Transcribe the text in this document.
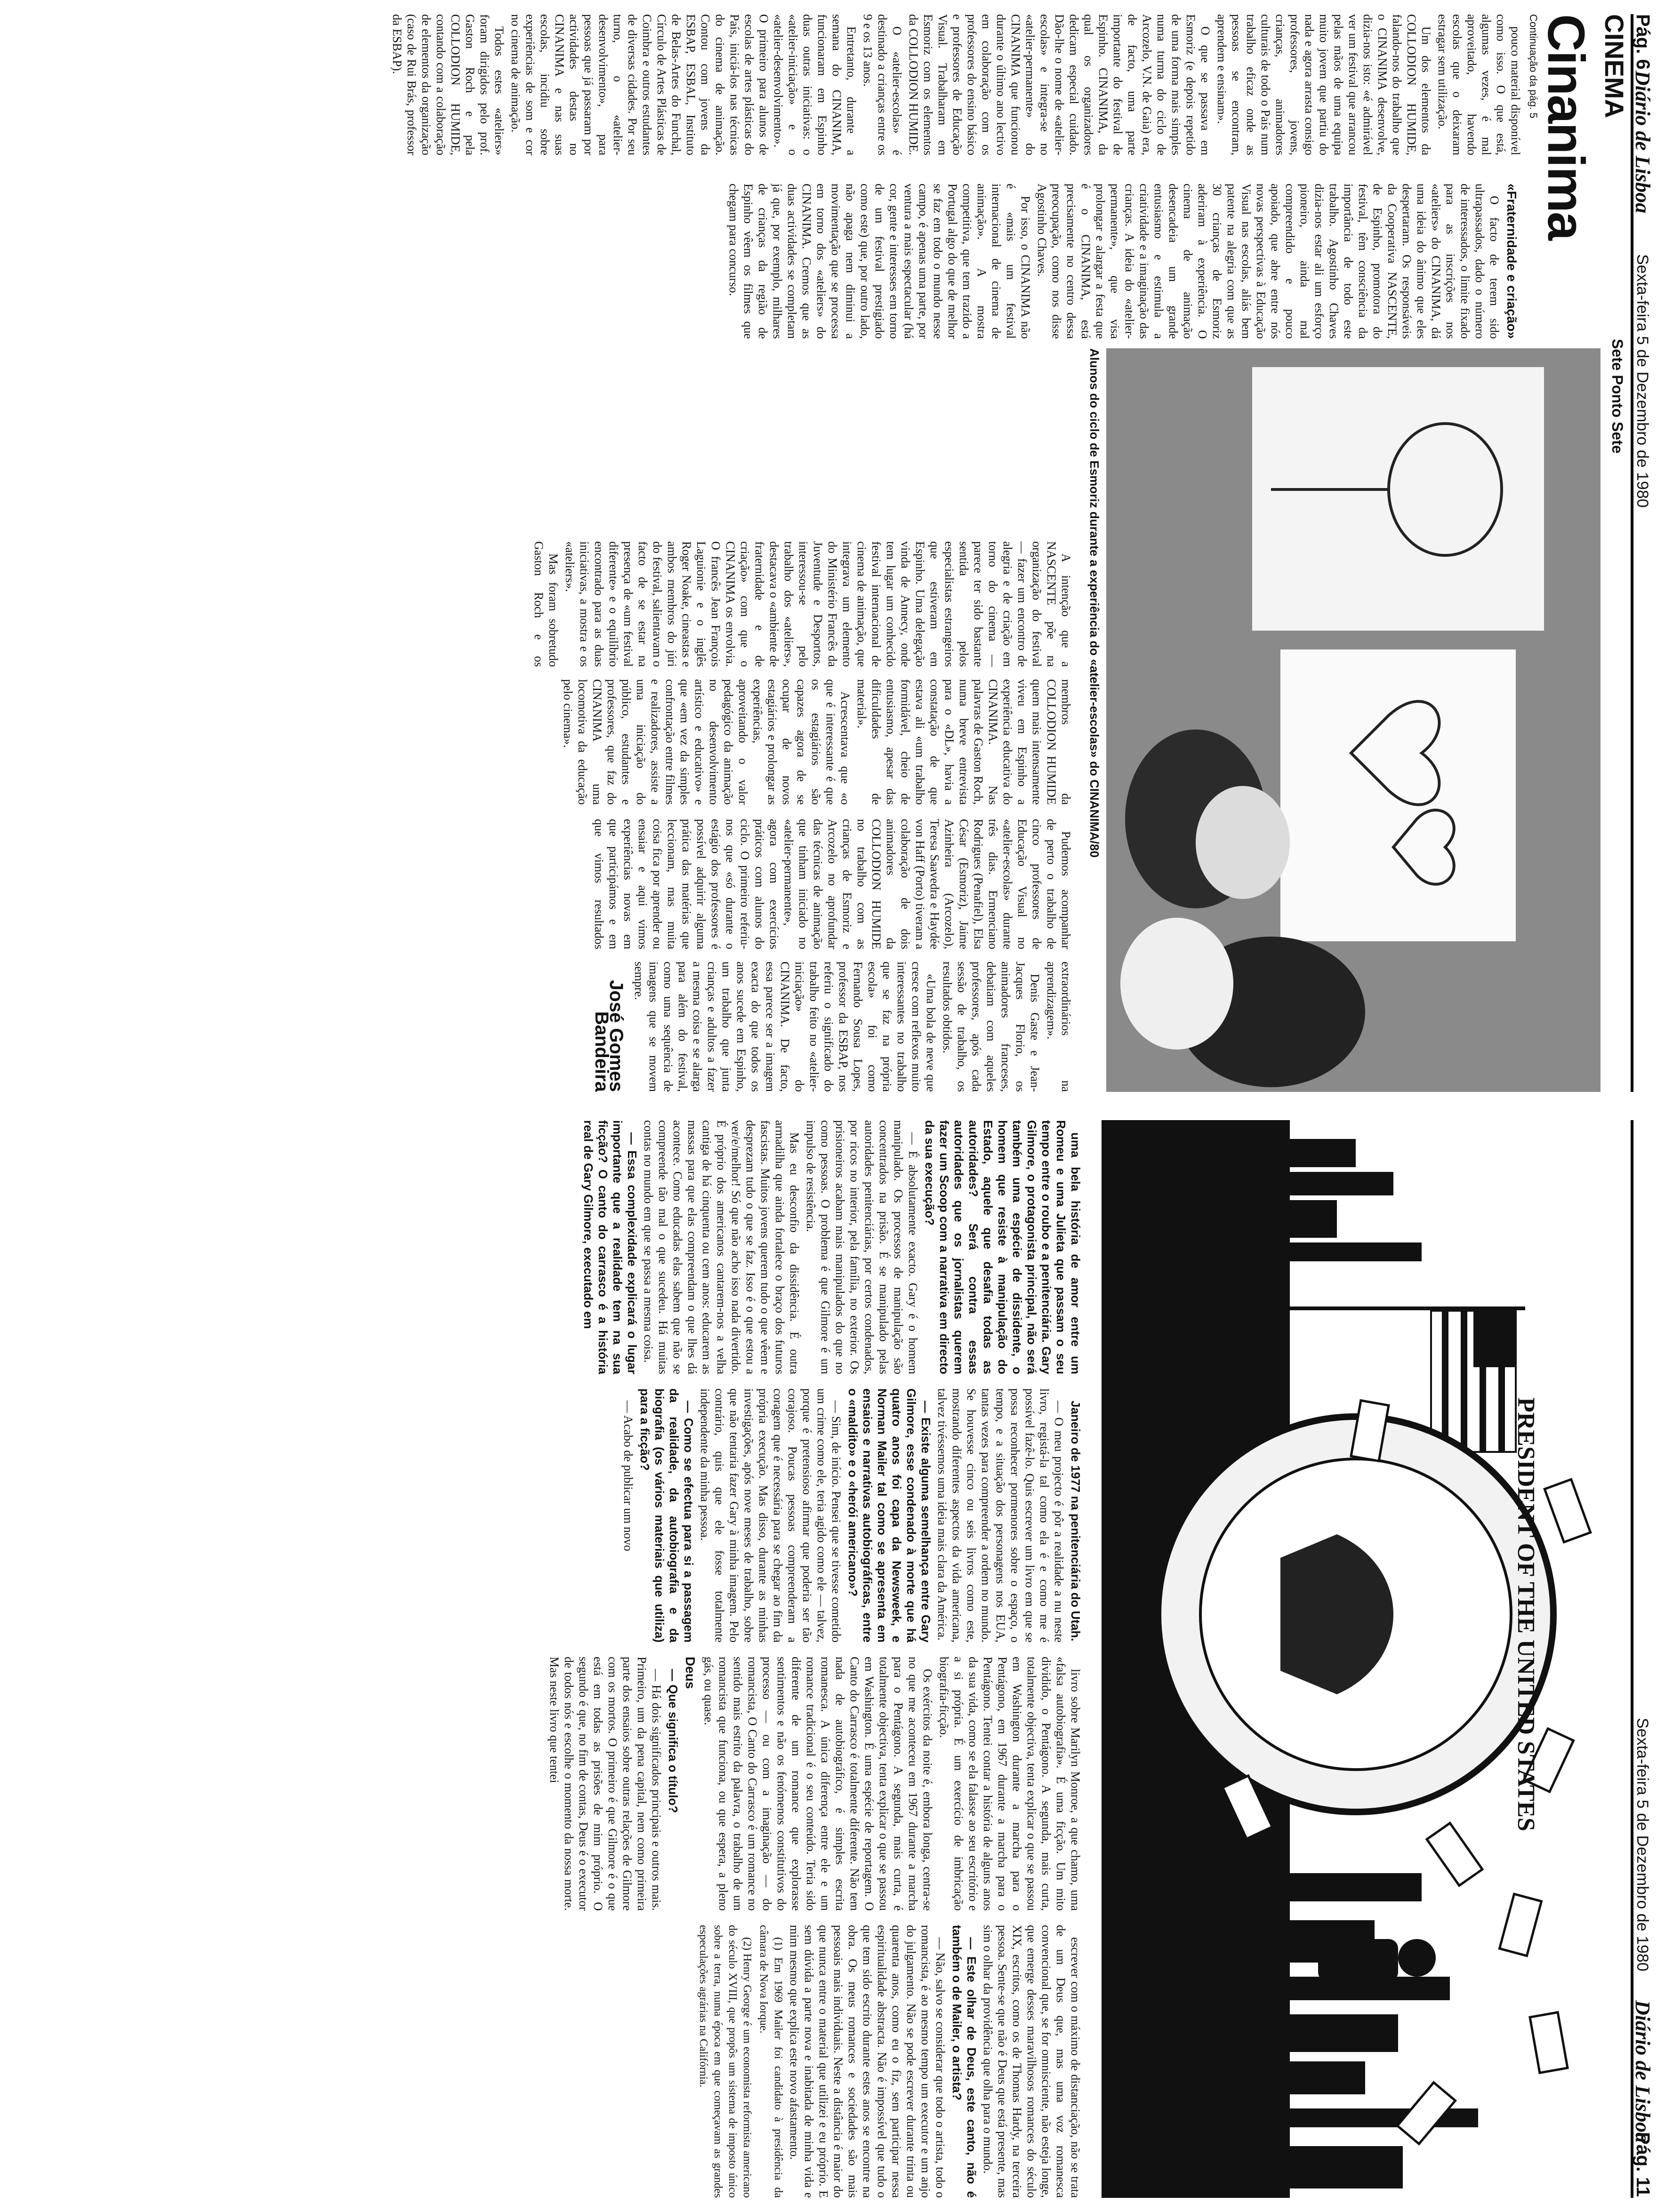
Pág. 6
Diário de Lisboa
Sexta-feira 5 de Dezembro de 1980
CINEMA
Sete Ponto Sete
Cinanima
Continuação da pág. 5

pouco material disponível como isso. O que está, algumas vezes, é mal aproveitado, havendo escolas que o deixaram estragar sem utilização.

Um dos elementos da COLLODION HUMIDE, falando-nos do trabalho que o CINANIMA desenvolve, dizia-nos isto: «é admirável ver um festival que arrancou pelas mãos de uma equipa muito jovem que partiu do nada e agora arrasta consigo professores, jovens, crianças, animadores culturais de todo o País num trabalho eficaz onde as pessoas se encontram, aprendem e ensinam».

O que se passava em Esmoriz (e depois repetido de uma forma mais simples numa turma do ciclo de Arcozelo, V.N. de Gaia) era, de facto, uma parte importante do festival de Espinho. CINANIMA, da qual os organizadores dedicam especial cuidado. Dão-lhe o nome de «atelier-escolas» e integra-se no «atelier-permanente» do CINANIMA que funcionou durante o último ano lectivo em colaboração com os professores do ensino básico e professores de Educação Visual. Trabalharam em Esmoriz com os elementos da COLLODION HUMIDE.

O «atelier-escolas» é destinado a crianças entre os 9 e os 13 anos.

Entretanto, durante a semana do CINANIMA, funcionaram em Espinho duas outras iniciativas: o «atelier-iniciação» e o «atelier-desenvolvimento». O primeiro para alunos de escolas de artes plásticas do País, iniciá-los nas técnicas do cinema de animação. Contou com jovens da ESBAP, ESBAL, Instituto de Belas-Artes do Funchal, Círculo de Artes Plásticas de Coimbra e outros estudantes de diversas cidades. Por seu turno, o «atelier-desenvolvimento», para pessoas que já passaram por actividades destas no CINANIMA e nas suas escolas, incidiu sobre experiências de som e cor no cinema de animação.

Todos estes «ateliers» foram dirigidos pelo prof. Gaston Roch e pela COLLODION HUMIDE, contando com a colaboração de elementos da organização (caso de Rui Brás, professor da ESBAP).

Alunos do ciclo de Esmoriz durante a experiência do «atelier-escolas» do CINANIMA/80
«Fraternidade e criação»

O facto de terem sido ultrapassados, dado o número de interessados, o limite fixado para as inscrições nos «ateliers» do CINANIMA, dá uma ideia do ânimo que eles despertaram. Os responsáveis da Cooperativa NASCENTE, de Espinho, promotora do festival, têm consciência da importância de todo este trabalho. Agostinho Chaves dizia-nos estar ali um esforço pioneiro, ainda mal compreendido e pouco apoiado, que abre entre nós novas perspectivas à Educação Visual nas escolas, aliás bem patente na alegria com que as 30 crianças de Esmoriz aderiram à experiência. O cinema de animação desencadeia um grande entusiasmo e estimula a criatividade e a imaginação das crianças. A ideia do «atelier-permanente», que visa prolongar e alargar a festa que é o CINANIMA, está precisamente no centro dessa preocupação, como nos disse Agostinho Chaves.

Por isso, o CINANIMA não é «mais um festival internacional de cinema de animação». A mostra competitiva, que tem trazido a Portugal algo do que de melhor se faz em todo o mundo nesse campo, é apenas uma parte, por ventura a mais espectacular (há cor, gente e interesses em torno de um festival prestigiado como este) que, por outro lado, não apaga nem diminui a movimentação que se processa em torno dos «ateliers» do CINANIMA. Cremos que as duas actividades se completam já que, por exemplo, milhares de crianças da região de Espinho vêem os filmes que chegam para concurso.

A intenção que a NASCENTE põe na organização do festival — fazer um encontro de alegria e de criação em torno do cinema — parece ter sido bastante sentida pelos especialistas estrangeiros que estiveram em Espinho. Uma delegação vinda de Annecy, onde tem lugar um conhecido festival internacional de cinema de animação, que integrava um elemento do Ministério Francês da Juventude e Desportos, interessou-se pelo trabalho dos «ateliers», destacava o «ambiente de fraternidade e de criação» com que o CINANIMA os envolvia. O francês Jean François Laguionie e o inglês Roger Noake, cineastas e ambos membros do júri do festival, salientavam o facto de se estar na presença de «um festival diferente» e o equilíbrio encontrado para as duas iniciativas, a mostra e os «ateliers».

Mas foram sobretudo Gaston Roch e os membros da COLLODION HUMIDE quem mais intensamente viveu em Espinho a experiência educativa do CINANIMA. Nas palavras de Gaston Roch, numa breve entrevista para o «DL», havia a constatação de que estava ali «um trabalho formidável, cheio de entusiasmo, apesar das dificuldades de material».

Acrescentava que «o que é interessante é que os estagiários são capazes agora de se ocupar de novos estagiários e prolongar as experiências, aproveitando o valor pedagógico da animação no desenvolvimento artístico e educativo» e que «em vez da simples confrontação entre filmes e realizadores, assiste a uma iniciação do público, estudantes e professores, que faz do CINANIMA uma locomotiva da educação pelo cinema».

Pudemos acompanhar de perto o trabalho de cinco professores de Educação Visual no «atelier-escolas» durante três dias. Ermenciano Rodrigues (Penafiel), Elsa César (Esmoriz), Jaime Azinheira (Arcozelo), Teresa Saavedra e Haydée von Haff (Porto) tiveram a colaboração de dois animadores da COLLODION HUMIDE no trabalho com as crianças de Esmoriz e Arcozelo no aprofundar das técnicas de animação que tinham iniciado no «atelier-permanente», agora com exercícios práticos com alunos do ciclo. O primeiro referiu-nos que «só durante o estágio dos professores é possível adquirir alguma prática das matérias que leccionam, mas muita coisa fica por aprender ou ensaiar e aqui vimos experiências novas em que participámos e em que vimos resultados extraordinários na aprendizagem».

Denis Gaste e Jean-Jacques Florio, os animadores franceses, debatiam com aqueles professores, após cada sessão de trabalho, os resultados obtidos.

«Uma bola de neve que cresce com reflexos muito interessantes no trabalho que se faz na própria escola» foi como Fernando Sousa Lopes, professor da ESBAP, nos referiu o significado do trabalho feito no «atelier-iniciação» do CINANIMA. De facto, essa parece ser a imagem exacta do que todos os anos sucede em Espinho, um trabalho que junta crianças e adultos a fazer a mesma coisa e se alarga para além do festival, como uma sequência de imagens que se movem sempre.

José Gomes Bandeira
Sexta-feira 5 de Dezembro de 1980
Diário de Lisboa
Pág. 11
PRESIDENT OF THE UNITED STATES

uma bela história de amor entre um Romeu e uma Julieta que passam o seu tempo entre o roubo e a penitenciária. Gary Gilmore, o protagonista principal, não será também uma espécie de dissidente, o homem que resiste à manipulação do Estado, aquele que desafia todas as autoridades? Será contra essas autoridades que os jornalistas querem fazer um Scoop com a narrativa em directo da sua execução?

— É absolutamente exacto. Gary é o homem manipulado. Os processos de manipulação são concentrados na prisão. É se manipulado pelas autoridades penitenciárias, por certos condenados, por ricos no interior, pela família, no exterior. Os prisioneiros acabam mais manipulados do que no como pessoas. O problema é que Gilmore é um impulso de resistência.

Mas eu desconfio da dissidência. É outra armadilha que ainda fortalece o braço dos futuros fascistas. Muitos jovens querem tudo o que vêem e desprezam tudo o que se faz. Isso é o que estou a ver/e/melhor! Só que não acho isso nada divertido. É próprio dos americanos cantarem-nos a velha cantiga de há cinquenta ou cem anos: educarem as massas para que elas compreendam o que lhes dá acontece. Como educadas elas sabem que não se compreende tão mal o que sucedeu. Há muitas contas no mundo em que se passa a mesma coisa.

— Essa complexidade explicará o lugar importante que a realidade tem na sua ficção? O canto do carrasco é a história real de Gary Gilmore, executado em

Janeiro de 1977 na penitenciária do Utah.

— O meu projecto é pôr a realidade a nu neste livro, registá-la tal como ela é e como me é possível fazê-lo. Quis escrever um livro em que se possa reconhecer pormenores sobre o espaço, o tempo, e a situação dos personagens nos EUA, tantas vezes para compreender a ordem no mundo. Se houvesse cinco ou seis livros como este, mostrando diferentes aspectos da vida americana, talvez tivéssemos uma ideia mais clara da América.

— Existe alguma semelhança entre Gary Gilmore, esse condenado à morte que há quatro anos foi capa da Newsweek, e Norman Mailer tal como se apresenta em ensaios e narrativas autobiográficas, entre o «maldito» e o «herói americano»?

— Sim, de início. Pensei que se tivesse cometido um crime como ele, teria agido como ele — talvez, porque é pretensioso afirmar que poderia ser tão corajoso. Poucas pessoas compreenderam a coragem que é necessária para se chegar ao fim da própria execução. Mas disso, durante as minhas investigações, após nove meses de trabalho, sobre que não tentaria fazer Gary à minha imagem. Pelo contrário, quis que ele fosse totalmente independente da minha pessoa.

— Como se efectua para si a passagem da realidade, da autobiografia e da biografia (os vários materiais que utiliza) para a ficção?

— Acabo de publicar um novo

livro sobre Marilyn Monroe, a que chamo, uma «falsa autobiografia». É uma ficção. Um mito dividido, o Pentágono. A segunda, mais curta, totalmente objectiva, tenta explicar o que se passou em Washington durante a marcha para o Pentágono, em 1967 durante a marcha para o Pentágono. Tentei contar a história de alguns anos da sua vida, como se ela falasse ao seu escritório e a si própria. É um exercício de imbricação biografia-ficção.

Os exércitos da noite é, embora longa, centra-se no que me aconteceu em 1967 durante a marcha para o Pentágono. A segunda, mais curta, é totalmente objectiva, tenta explicar o que se passou em Washington. É uma espécie de reportagem. O Canto do Carrasco é totalmente diferente. Não tem nada de autobiográfico, é simples escrita romanesca. A única diferença entre ele e um romance tradicional é o seu conteúdo. Teria sido diferente de um romance que explorasse sentimentos e não os fenómenos constitutivos do processo — ou com a imaginação — do romancista, O Canto do Carrasco é um romance no sentido mais estrito da palavra, o trabalho de um romancista que funciona, ou que espera, a pleno gás, ou quase.

Deus

— Que significa o título?

— Há dois significados principais e outros mais. Primeiro, um da pena capital, nem como primeira parte dos ensaios sobre outras relações de Gilmore com os mortos. O primeiro é que Gilmore é o que está em todas as prisões de mim próprio. O segundo é que, no fim de contas, Deus é o executor de todos nós e escolhe o momento da nossa morte. Mas neste livro que tentei

escrever com o máximo de distanciação, não se trata de um Deus que, mas uma voz romanesca convencional que, se for omnisciente, não esteja longe, que emerge desses maravilhosos romances do século XIX, escritos, como os de Thomas Hardy, na terceira pessoa. Sente-se que não é Deus que está presente, mas sim o olhar da providência que olha para o mundo.

— Este olhar de Deus, este canto, não é também o de Mailer, o artista?

— Não, salvo se considerar que todo o artista, todo o romancista, é ao mesmo tempo um executor e um anjo do julgamento. Não se pode escrever durante trinta ou quarenta anos, como eu o fiz, sem participar nessa espiritualidade abstracta. Não é impossível que tudo o que tem sido escrito durante estes anos se encontre na obra. Os meus romances e sociedades são mais pessoais mais individuais. Neste a distância é maior do que nunca entre o material que utilizei e eu próprio. E sem dúvida a parte nova e inabitada de minha vida e mim mesmo que explica este novo afastamento.

(1) Em 1969 Mailer foi candidato à presidência da câmara de Nova Iorque.

(2) Henry George é um economista reformista americano do século XVIII, que propôs um sistema de imposto único sobre a terra, numa época em que começavam as grandes especulações agrárias na Califórnia.
